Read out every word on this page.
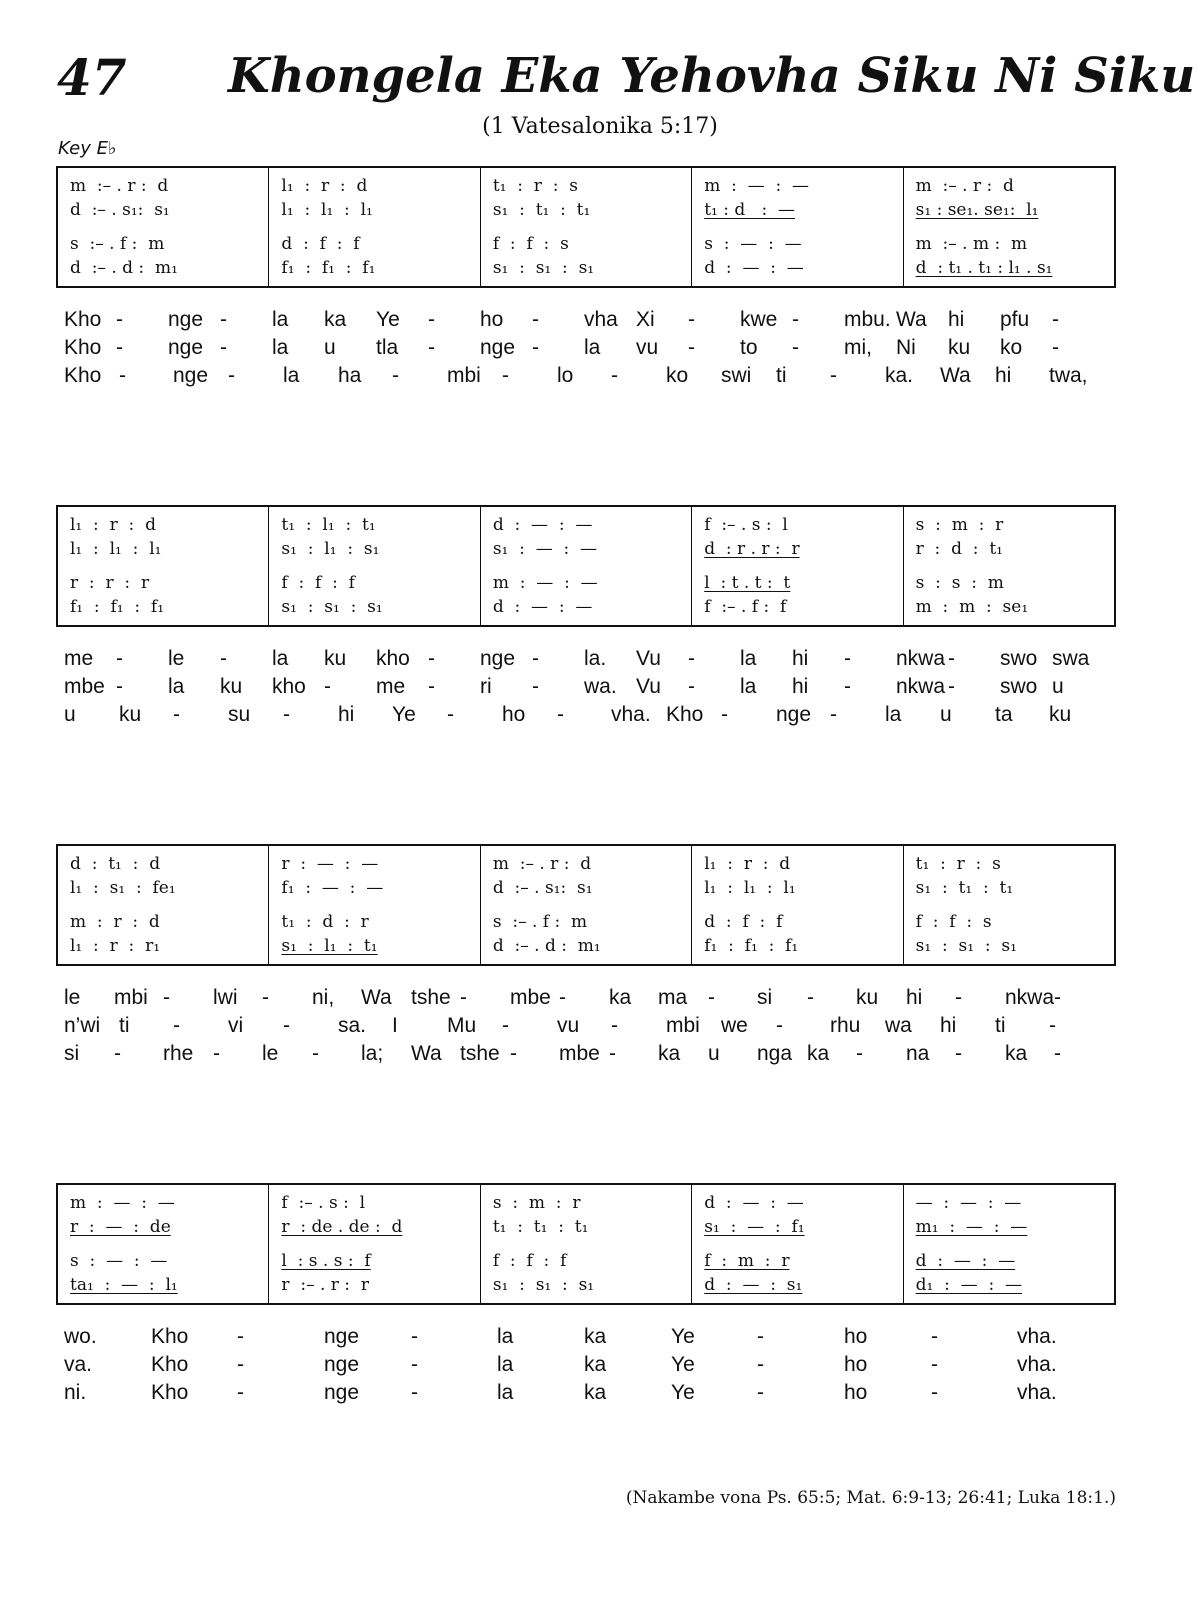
47 Khongela Eka Yehovha Siku Ni Siku
(1 Vatesalonika 5:17)
Key E♭
m  :– . r :  d
d  :– . s₁:  s₁
s  :– . f :  m
d  :– . d :  m₁
l₁  :  r  :  d
l₁  :  l₁  :  l₁
d  :  f  :  f
f₁  :  f₁  :  f₁
t₁  :  r  :  s
s₁  :  t₁  :  t₁
f  :  f  :  s
s₁  :  s₁  :  s₁
m  :  —  :  —
t₁ : d   :  —
s  :  —  :  —
d  :  —  :  —
m  :– . r :  d
s₁ : se₁. se₁:  l₁
m  :– . m :  m
d  : t₁ . t₁ : l₁ . s₁
Kho - nge - la ka Ye - ho - vha Xi - kwe - mbu. Wa hi pfu -
Kho - nge - la u tla - nge - la vu - to - mi, Ni ku ko -
Kho - nge - la ha - mbi - lo - ko swi ti - ka. Wa hi twa,
l₁  :  r  :  d
l₁  :  l₁  :  l₁
r  :  r  :  r
f₁  :  f₁  :  f₁
t₁  :  l₁  :  t₁
s₁  :  l₁  :  s₁
f  :  f  :  f
s₁  :  s₁  :  s₁
d  :  —  :  —
s₁  :  —  :  —
m  :  —  :  —
d  :  —  :  —
f  :– . s :  l
d  : r . r :  r
l  : t . t :  t
f  :– . f :  f
s  :  m  :  r
r  :  d  :  t₁
s  :  s  :  m
m  :  m  :  se₁
me - le - la ku kho - nge - la. Vu - la hi - nkwa - swo swa
mbe - la ku kho - me - ri - wa. Vu - la hi - nkwa - swo u
u ku - su - hi Ye - ho - vha. Kho - nge - la u ta ku
d  :  t₁  :  d
l₁  :  s₁  :  fe₁
m  :  r  :  d
l₁  :  r  :  r₁
r  :  —  :  —
f₁  :  —  :  —
t₁  :  d  :  r
s₁  :  l₁  :  t₁
m  :– . r :  d
d  :– . s₁:  s₁
s  :– . f :  m
d  :– . d :  m₁
l₁  :  r  :  d
l₁  :  l₁  :  l₁
d  :  f  :  f
f₁  :  f₁  :  f₁
t₁  :  r  :  s
s₁  :  t₁  :  t₁
f  :  f  :  s
s₁  :  s₁  :  s₁
le mbi - lwi - ni, Wa tshe - mbe - ka ma - si - ku hi - nkwa -
n’wi ti - vi - sa. I Mu - vu - mbi we - rhu wa hi ti -
si - rhe - le - la; Wa tshe - mbe - ka u nga ka - na - ka -
m  :  —  :  —
r  :  —  :  de
s  :  —  :  —
ta₁  :  —  :  l₁
f  :– . s :  l
r  : de . de :  d
l  : s . s :  f
r  :– . r :  r
s  :  m  :  r
t₁  :  t₁  :  t₁
f  :  f  :  f
s₁  :  s₁  :  s₁
d  :  —  :  —
s₁  :  —  :  f₁
f  :  m  :  r
d  :  —  :  s₁
—  :  —  :  —
m₁  :  —  :  —
d  :  —  :  —
d₁  :  —  :  —
wo.	Kho -	nge -	la	ka	Ye	-	ho	-	vha.
va.	Kho -	nge -	la	ka	Ye	-	ho	-	vha.
ni.	Kho -	nge -	la	ka	Ye	-	ho	-	vha.
(Nakambe vona Ps. 65:5; Mat. 6:9-13; 26:41; Luka 18:1.)
